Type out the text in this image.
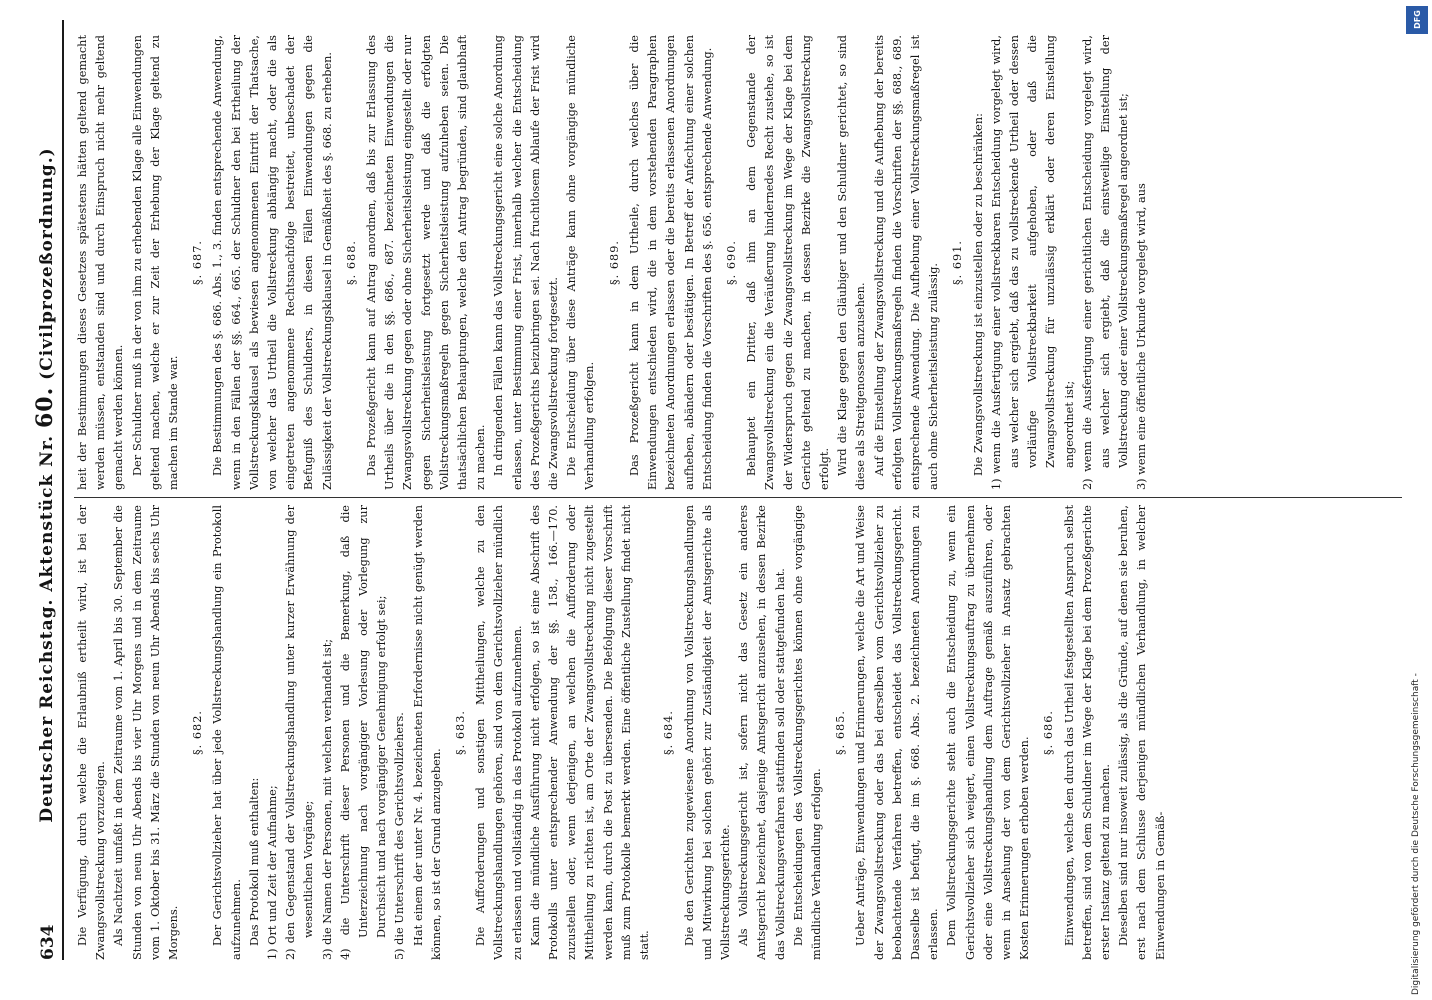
634
Deutscher Reichstag. Aktenstück Nr. 60. (Civilprozeßordnung.)

Die Verfügung, durch welche die Erlaubniß ertheilt wird, ist bei der Zwangsvollstreckung vorzuzeigen. Als Nachtzeit umfaßt in dem Zeitraume vom 1. April bis 30. September die Stunden von neun Uhr Abends bis vier Uhr Morgens und in dem Zeitraume vom 1. Oktober bis 31. März die Stunden von neun Uhr Abends bis sechs Uhr Morgens.

§. 682. Der Gerichtsvollzieher hat über jede Vollstreckungshandlung ein Protokoll aufzunehmen. Das Protokoll muß enthalten: 1) Ort und Zeit der Aufnahme; 2) den Gegenstand der Vollstreckungshandlung unter kurzer Erwähnung der wesentlichen Vorgänge; 3) die Namen der Personen, mit welchen verhandelt ist; 4) die Unterschrift dieser Personen und die Bemerkung, daß die Unterzeichnung nach vorgängiger Vorlesung oder Vorlegung zur Durchsicht und nach vorgängiger Genehmigung erfolgt sei; 5) die Unterschrift des Gerichtsvollziehers. Hat einem der unter Nr. 4. bezeichneten Erfordernisse nicht genügt werden können, so ist der Grund anzugeben.

§. 683. Die Aufforderungen und sonstigen Mittheilungen, welche zu den Vollstreckungshandlungen gehören, sind von dem Gerichtsvollzieher mündlich zu erlassen und vollständig in das Protokoll aufzunehmen. Kann die mündliche Ausführung nicht erfolgen, so ist eine Abschrift des Protokolls unter entsprechender Anwendung der §§. 158., 166.—170. zuzustellen oder, wenn derjenigen, an welchen die Aufforderung oder Mittheilung zu richten ist, am Orte der Zwangsvollstreckung nicht zugestellt werden kann, durch die Post zu übersenden. Die Befolgung dieser Vorschrift muß zum Protokolle bemerkt werden. Eine öffentliche Zustellung findet nicht statt.

§. 684. Die den Gerichten zugewiesene Anordnung von Vollstreckungshandlungen und Mitwirkung bei solchen gehört zur Zuständigkeit der Amtsgerichte als Vollstreckungsgerichte. Als Vollstreckungsgericht ist, sofern nicht das Gesetz ein anderes Amtsgericht bezeichnet, dasjenige Amtsgericht anzusehen, in dessen Bezirke das Vollstreckungsverfahren stattfinden soll oder stattgefunden hat. Die Entscheidungen des Vollstreckungsgerichtes können ohne vorgängige mündliche Verhandlung erfolgen.

§. 685. Ueber Anträge, Einwendungen und Erinnerungen, welche die Art und Weise der Zwangsvollstreckung oder das bei derselben vom Gerichtsvollzieher zu beobachtende Verfahren betreffen, entscheidet das Vollstreckungsgericht. Dasselbe ist befugt, die im §. 668. Abs. 2. bezeichneten Anordnungen zu erlassen. Dem Vollstreckungsgerichte steht auch die Entscheidung zu, wenn ein Gerichtsvollzieher sich weigert, einen Vollstreckungsauftrag zu übernehmen oder eine Vollstreckungshandlung dem Auftrage gemäß auszuführen, oder wenn in Ansehung der von dem Gerichtsvollzieher in Ansatz gebrachten Kosten Erinnerungen erhoben werden.

§. 686. Einwendungen, welche den durch das Urtheil festgestellten Anspruch selbst betreffen, sind von dem Schuldner im Wege der Klage bei dem Prozeßgerichte erster Instanz geltend zu machen. Dieselben sind nur insoweit zulässig, als die Gründe, auf denen sie beruhen, erst nach dem Schlusse derjenigen mündlichen Verhandlung, in welcher Einwendungen in Gemäß-

heit der Bestimmungen dieses Gesetzes spätestens hätten geltend gemacht werden müssen, entstanden sind und durch Einspruch nicht mehr geltend gemacht werden können. Der Schuldner muß in der von ihm zu erhebenden Klage alle Einwendungen geltend machen, welche er zur Zeit der Erhebung der Klage geltend zu machen im Stande war.

§. 687. Die Bestimmungen des §. 686. Abs. 1., 3. finden entsprechende Anwendung, wenn in den Fällen der §§. 664., 665. der Schuldner den bei Ertheilung der Vollstreckungsklausel als bewiesen angenommenen Eintritt der Thatsache, von welcher das Urtheil die Vollstreckung abhängig macht, oder die als eingetreten angenommene Rechtsnachfolge bestreitet, unbeschadet der Befugniß des Schuldners, in diesen Fällen Einwendungen gegen die Zulässigkeit der Vollstreckungsklausel in Gemäßheit des §. 668. zu erheben. §. 688. Das Prozeßgericht kann auf Antrag anordnen, daß bis zur Erlassung des Urtheils über die in den §§. 686., 687. bezeichneten Einwendungen die Zwangsvollstreckung gegen oder ohne Sicherheitsleistung eingestellt oder nur gegen Sicherheitsleistung fortgesetzt werde und daß die erfolgten Vollstreckungsmaßregeln gegen Sicherheitsleistung aufzuheben seien. Die thatsächlichen Behauptungen, welche den Antrag begründen, sind glaubhaft zu machen. In dringenden Fällen kann das Vollstreckungsgericht eine solche Anordnung erlassen, unter Bestimmung einer Frist, innerhalb welcher die Entscheidung des Prozeßgerichts beizubringen sei. Nach fruchtlosem Ablaufe der Frist wird die Zwangsvollstreckung fortgesetzt. Die Entscheidung über diese Anträge kann ohne vorgängige mündliche Verhandlung erfolgen.

§. 689. Das Prozeßgericht kann in dem Urtheile, durch welches über die Einwendungen entschieden wird, die in dem vorstehenden Paragraphen bezeichneten Anordnungen erlassen oder die bereits erlassenen Anordnungen aufheben, abändern oder bestätigen. In Betreff der Anfechtung einer solchen Entscheidung finden die Vorschriften des §. 656. entsprechende Anwendung. §. 690. Behauptet ein Dritter, daß ihm an dem Gegenstande der Zwangsvollstreckung ein die Veräußerung hindernedes Recht zustehe, so ist der Widerspruch gegen die Zwangsvollstreckung im Wege der Klage bei dem Gerichte geltend zu machen, in dessen Bezirke die Zwangsvollstreckung erfolgt. Wird die Klage gegen den Gläubiger und den Schuldner gerichtet, so sind diese als Streitgenossen anzusehen. Auf die Einstellung der Zwangsvollstreckung und die Aufhebung der bereits erfolgten Vollstreckungsmaßregeln finden die Vorschriften der §§. 688., 689. entsprechende Anwendung. Die Aufhebung einer Vollstreckungsmaßregel ist auch ohne Sicherheitsleistung zulässig.

§. 691. Die Zwangsvollstreckung ist einzustellen oder zu beschränken: 1) wenn die Ausfertigung einer vollstreckbaren Entscheidung vorgelegt wird, aus welcher sich ergiebt, daß das zu vollstreckende Urtheil oder dessen vorläufige Vollstreckbarkeit aufgehoben, oder daß die Zwangsvollstreckung für unzulässig erklärt oder deren Einstellung angeordnet ist; 2) wenn die Ausfertigung einer gerichtlichen Entscheidung vorgelegt wird, aus welcher sich ergiebt, daß die einstweilige Einstellung der Vollstreckung oder einer Vollstreckungsmaßregel angeordnet ist; 3) wenn eine öffentliche Urkunde vorgelegt wird, aus

DFG
Digitalisierung gefördert durch die Deutsche Forschungsgemeinschaft -
